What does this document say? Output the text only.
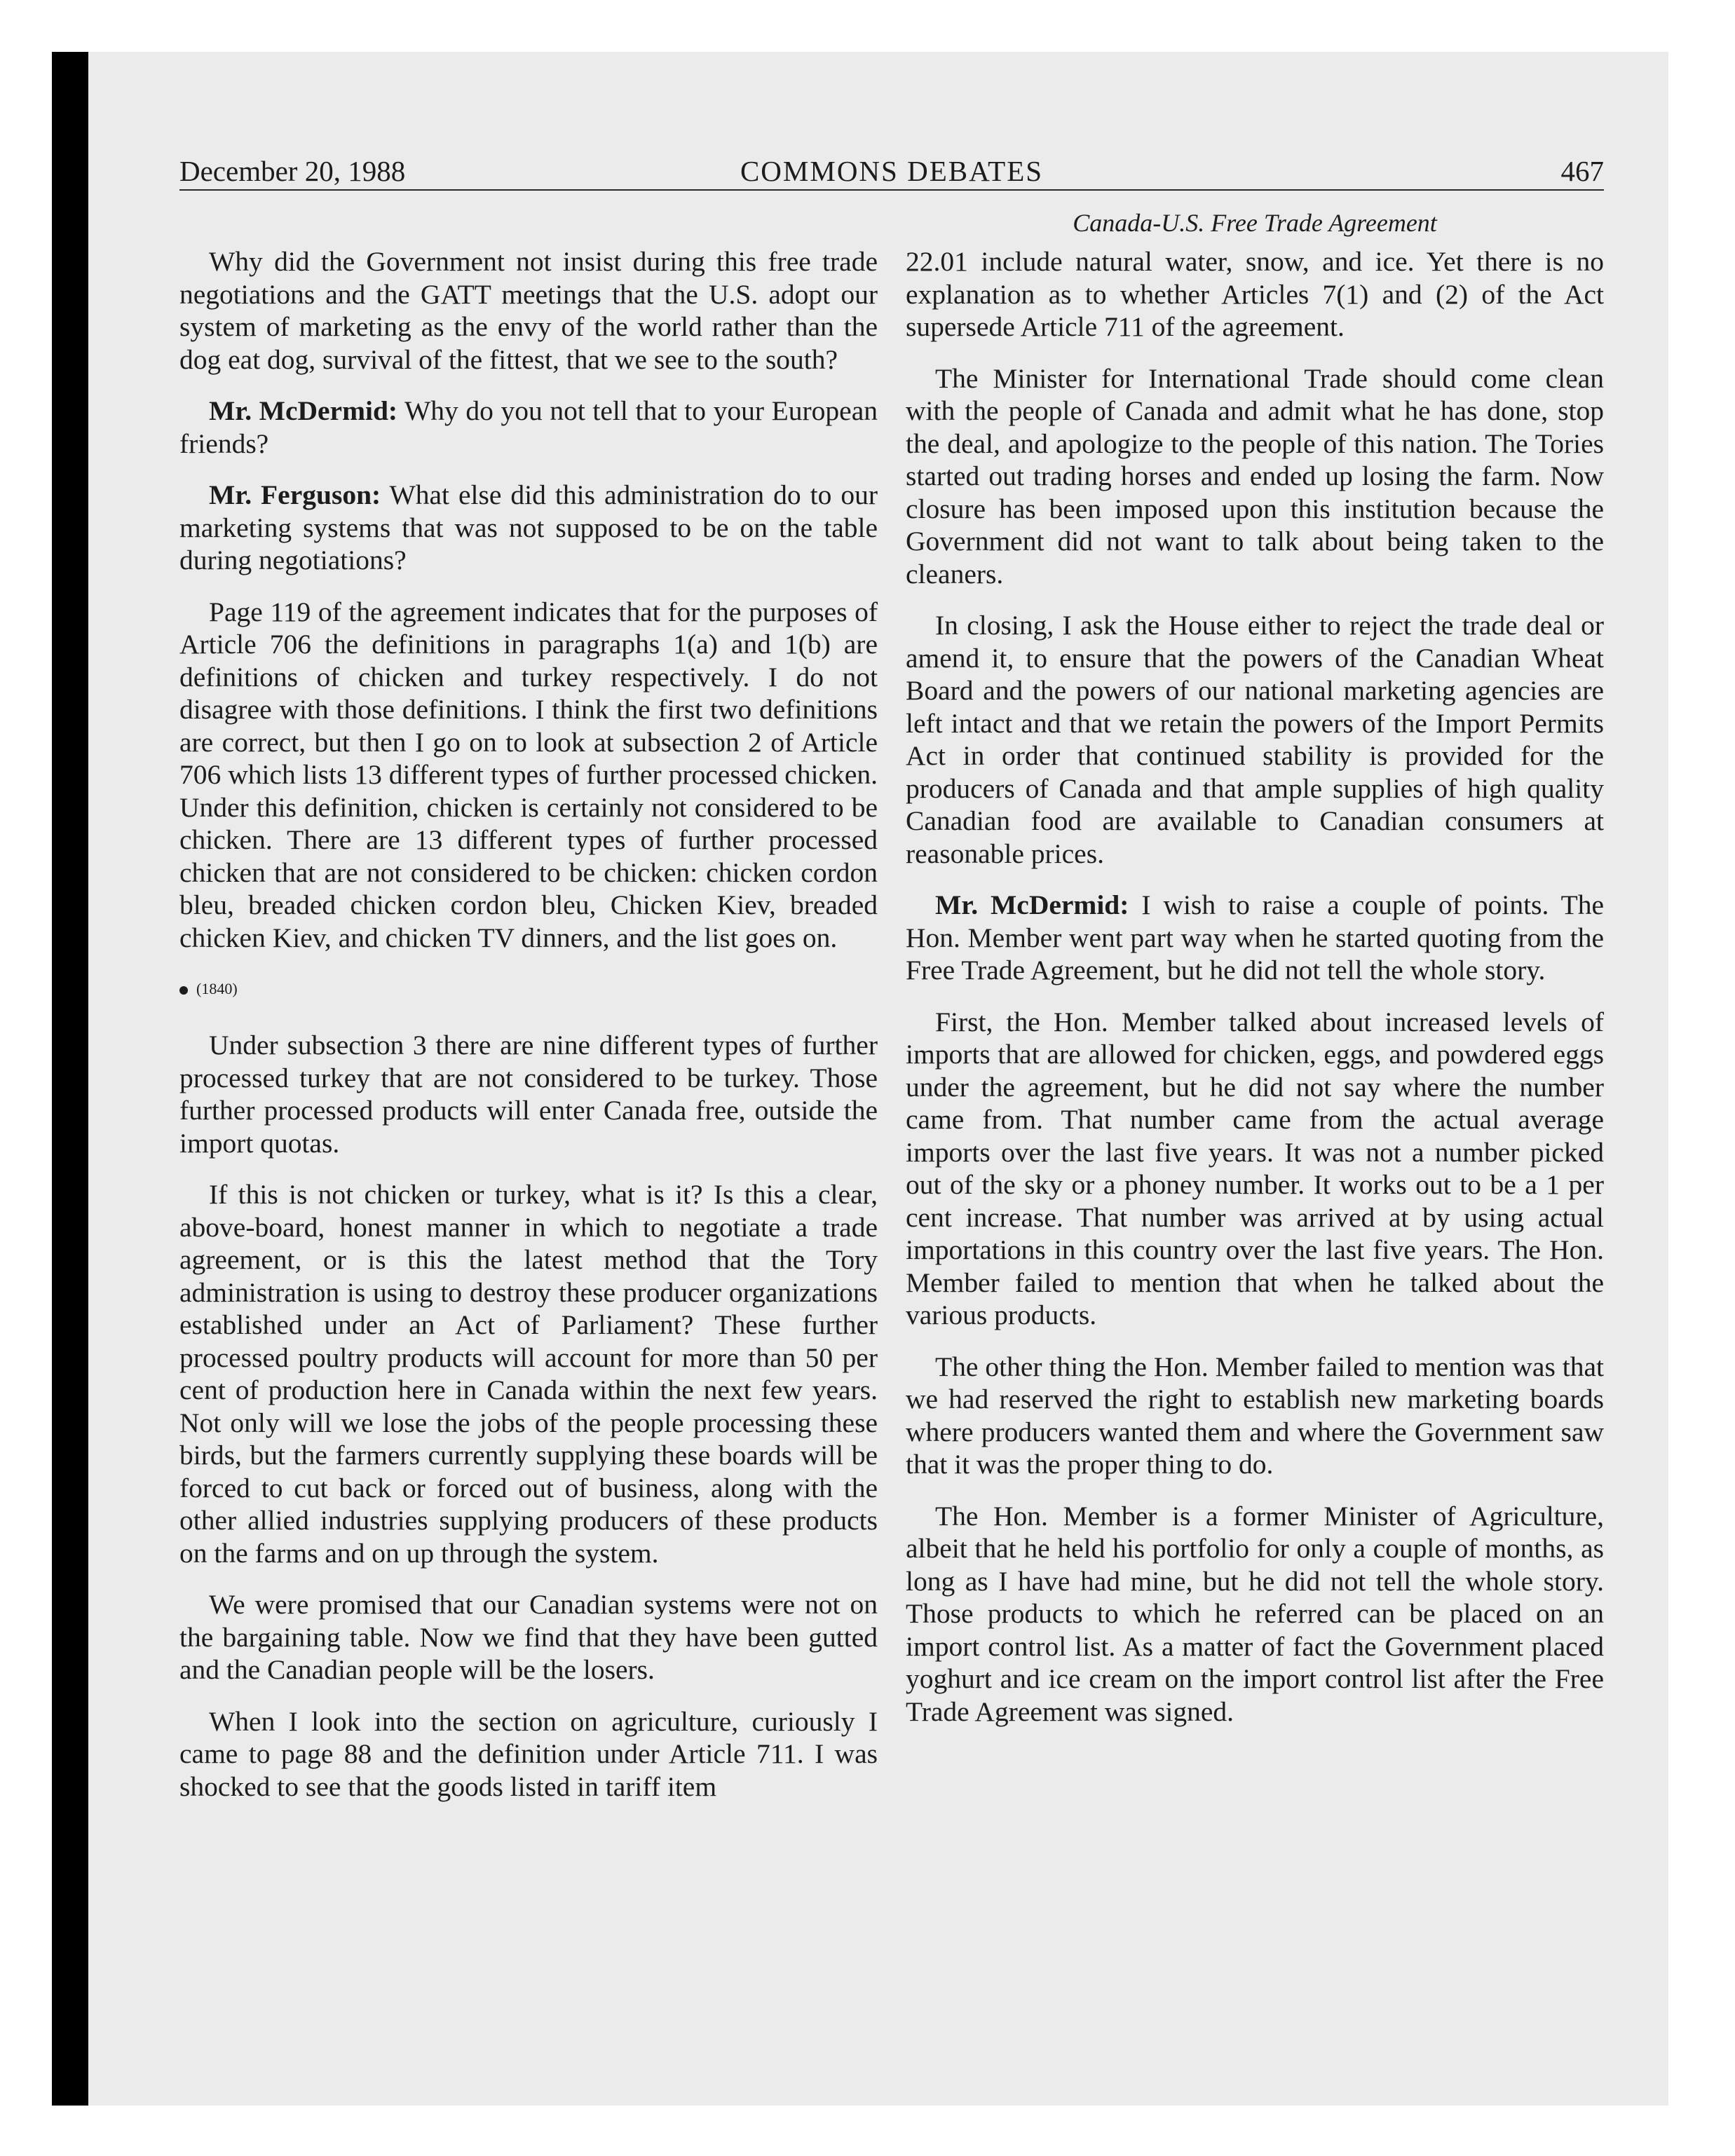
December 20, 1988	COMMONS DEBATES	467
Canada-U.S. Free Trade Agreement

Why did the Government not insist during this free trade negotiations and the GATT meetings that the U.S. adopt our system of marketing as the envy of the world rather than the dog eat dog, survival of the fittest, that we see to the south?

Mr. McDermid: Why do you not tell that to your European friends?

Mr. Ferguson: What else did this administration do to our marketing systems that was not supposed to be on the table during negotiations?

Page 119 of the agreement indicates that for the purposes of Article 706 the definitions in paragraphs 1(a) and 1(b) are definitions of chicken and turkey respectively. I do not disagree with those definitions. I think the first two definitions are correct, but then I go on to look at subsection 2 of Article 706 which lists 13 different types of further processed chicken. Under this definition, chicken is certainly not considered to be chicken. There are 13 different types of further processed chicken that are not considered to be chicken: chicken cordon bleu, breaded chicken cordon bleu, Chicken Kiev, breaded chicken Kiev, and chicken TV dinners, and the list goes on.

(1840)

Under subsection 3 there are nine different types of further processed turkey that are not considered to be turkey. Those further processed products will enter Canada free, outside the import quotas.

If this is not chicken or turkey, what is it? Is this a clear, above-board, honest manner in which to negotiate a trade agreement, or is this the latest method that the Tory administration is using to destroy these producer organizations established under an Act of Parliament? These further processed poultry products will account for more than 50 per cent of production here in Canada within the next few years. Not only will we lose the jobs of the people processing these birds, but the farmers currently supplying these boards will be forced to cut back or forced out of business, along with the other allied industries supplying producers of these products on the farms and on up through the system.

We were promised that our Canadian systems were not on the bargaining table. Now we find that they have been gutted and the Canadian people will be the losers.

When I look into the section on agriculture, curiously I came to page 88 and the definition under Article 711. I was shocked to see that the goods listed in tariff item

22.01 include natural water, snow, and ice. Yet there is no explanation as to whether Articles 7(1) and (2) of the Act supersede Article 711 of the agreement.

The Minister for International Trade should come clean with the people of Canada and admit what he has done, stop the deal, and apologize to the people of this nation. The Tories started out trading horses and ended up losing the farm. Now closure has been imposed upon this institution because the Government did not want to talk about being taken to the cleaners.

In closing, I ask the House either to reject the trade deal or amend it, to ensure that the powers of the Canadian Wheat Board and the powers of our national marketing agencies are left intact and that we retain the powers of the Import Permits Act in order that continued stability is provided for the producers of Canada and that ample supplies of high quality Canadian food are available to Canadian consumers at reasonable prices.

Mr. McDermid: I wish to raise a couple of points. The Hon. Member went part way when he started quoting from the Free Trade Agreement, but he did not tell the whole story.

First, the Hon. Member talked about increased levels of imports that are allowed for chicken, eggs, and powdered eggs under the agreement, but he did not say where the number came from. That number came from the actual average imports over the last five years. It was not a number picked out of the sky or a phoney number. It works out to be a 1 per cent increase. That number was arrived at by using actual importations in this country over the last five years. The Hon. Member failed to mention that when he talked about the various products.

The other thing the Hon. Member failed to mention was that we had reserved the right to establish new marketing boards where producers wanted them and where the Government saw that it was the proper thing to do.

The Hon. Member is a former Minister of Agriculture, albeit that he held his portfolio for only a couple of months, as long as I have had mine, but he did not tell the whole story. Those products to which he referred can be placed on an import control list. As a matter of fact the Government placed yoghurt and ice cream on the import control list after the Free Trade Agreement was signed.
